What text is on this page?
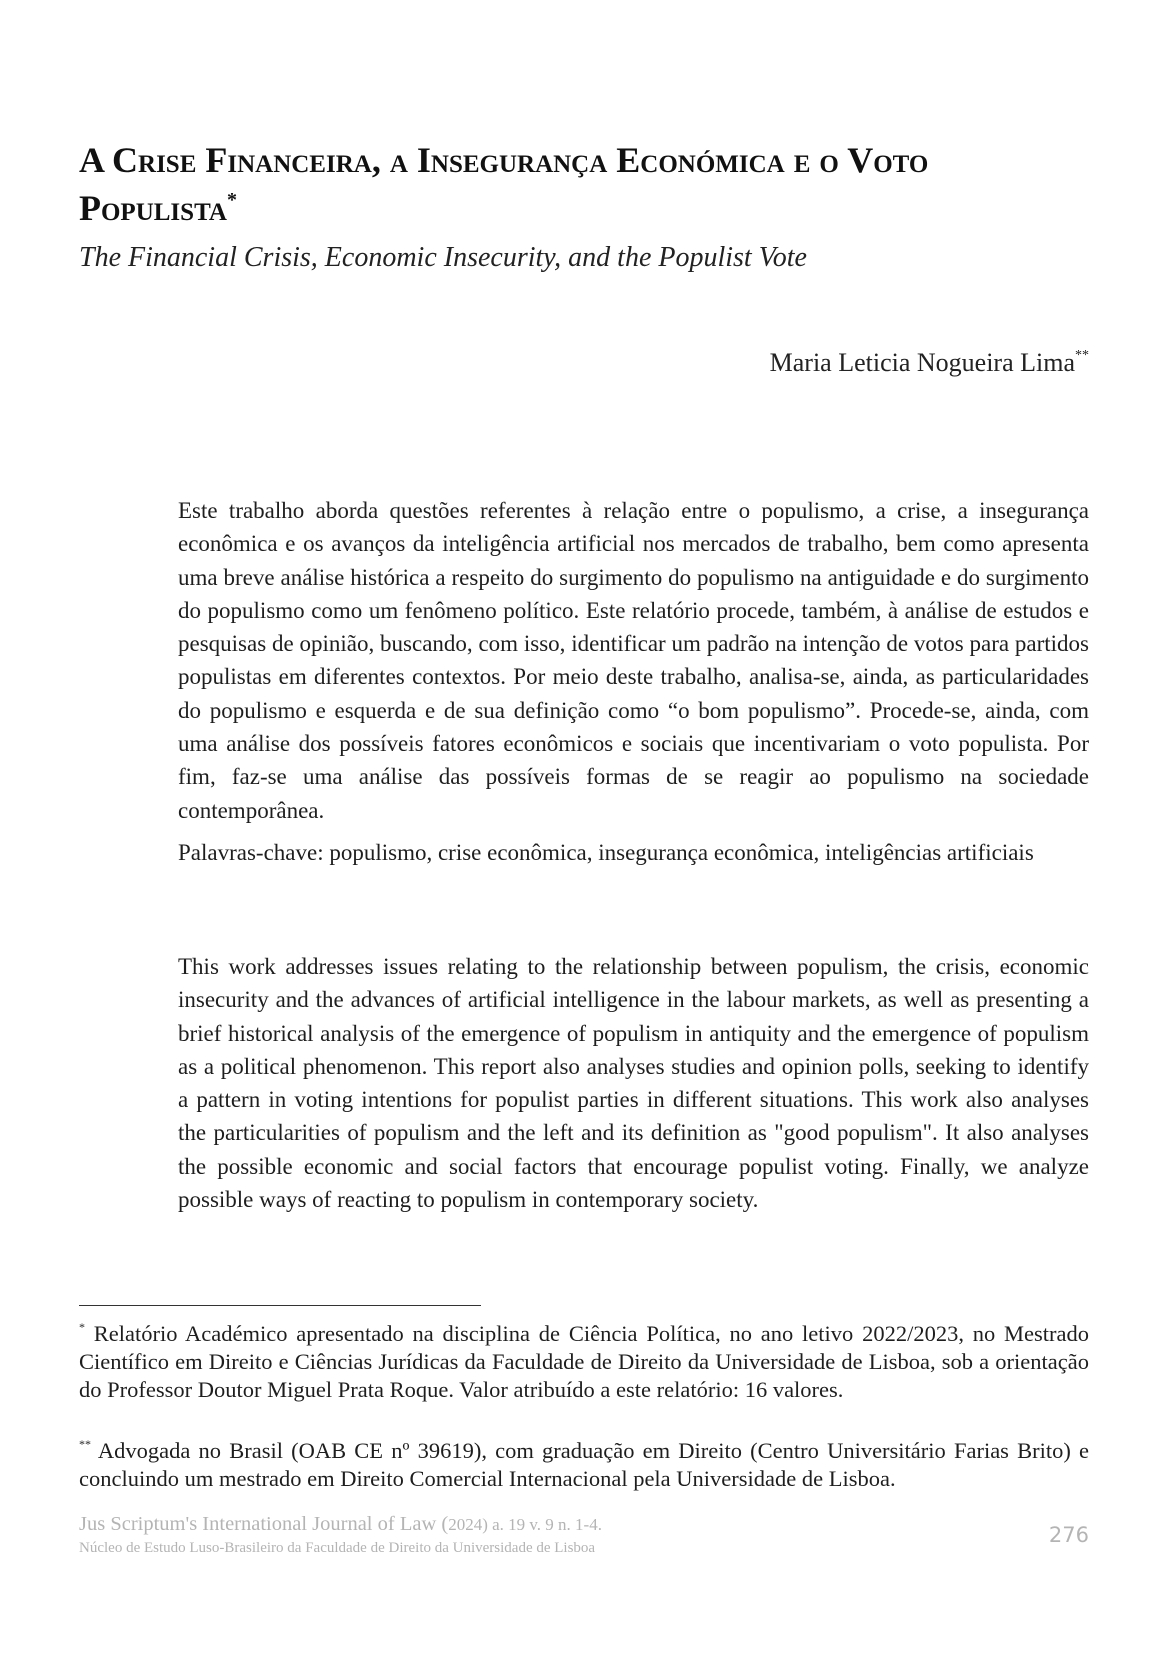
A Crise Financeira, a Insegurança Económica e o Voto
Populista*

The Financial Crisis, Economic Insecurity, and the Populist Vote

Maria Leticia Nogueira Lima**

Este trabalho aborda questões referentes à relação entre o populismo, a crise, a insegurança econômica e os avanços da inteligência artificial nos mercados de trabalho, bem como apresenta uma breve análise histórica a respeito do surgimento do populismo na antiguidade e do surgimento do populismo como um fenômeno político. Este relatório procede, também, à análise de estudos e pesquisas de opinião, buscando, com isso, identificar um padrão na intenção de votos para partidos populistas em diferentes contextos. Por meio deste trabalho, analisa-se, ainda, as particularidades do populismo e esquerda e de sua definição como “o bom populismo”. Procede-se, ainda, com uma análise dos possíveis fatores econômicos e sociais que incentivariam o voto populista. Por fim, faz-se uma análise das possíveis formas de se reagir ao populismo na sociedade contemporânea.

Palavras-chave: populismo, crise econômica, insegurança econômica, inteligências artificiais

This work addresses issues relating to the relationship between populism, the crisis, economic insecurity and the advances of artificial intelligence in the labour markets, as well as presenting a brief historical analysis of the emergence of populism in antiquity and the emergence of populism as a political phenomenon. This report also analyses studies and opinion polls, seeking to identify a pattern in voting intentions for populist parties in different situations. This work also analyses the particularities of populism and the left and its definition as "good populism". It also analyses the possible economic and social factors that encourage populist voting. Finally, we analyze possible ways of reacting to populism in contemporary society.

* Relatório Académico apresentado na disciplina de Ciência Política, no ano letivo 2022/2023, no Mestrado Científico em Direito e Ciências Jurídicas da Faculdade de Direito da Universidade de Lisboa, sob a orientação do Professor Doutor Miguel Prata Roque. Valor atribuído a este relatório: 16 valores.

** Advogada no Brasil (OAB CE nº 39619), com graduação em Direito (Centro Universitário Farias Brito) e concluindo um mestrado em Direito Comercial Internacional pela Universidade de Lisboa.

Jus Scriptum's International Journal of Law (2024) a. 19 v. 9 n. 1-4.

Núcleo de Estudo Luso-Brasileiro da Faculdade de Direito da Universidade de Lisboa

276
